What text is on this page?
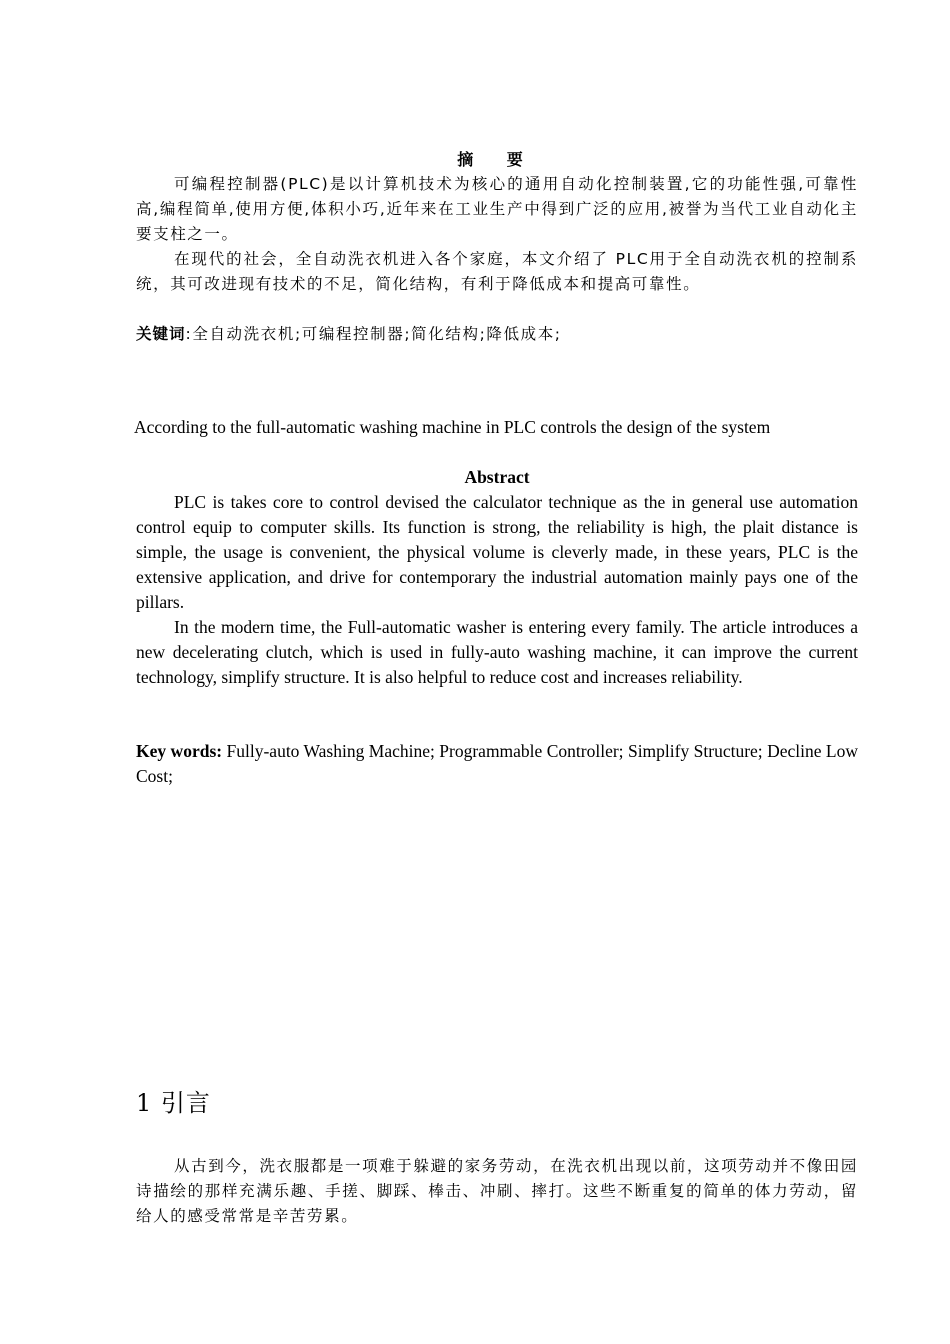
摘 要

可编程控制器(PLC)是以计算机技术为核心的通用自动化控制装置,它的功能性强,可靠性高,编程简单,使用方便,体积小巧,近年来在工业生产中得到广泛的应用,被誉为当代工业自动化主要支柱之一。

在现代的社会，全自动洗衣机进入各个家庭，本文介绍了 PLC用于全自动洗衣机的控制系统，其可改进现有技术的不足，简化结构，有利于降低成本和提高可靠性。

关键词:全自动洗衣机;可编程控制器;简化结构;降低成本;
According to the full-automatic washing machine in PLC controls the design of the system
Abstract

PLC is takes core to control devised the calculator technique as the in general use automation control equip to computer skills. Its function is strong, the reliability is high, the plait distance is simple, the usage is convenient, the physical volume is cleverly made, in these years, PLC is the extensive application, and drive for contemporary the industrial automation mainly pays one of the pillars.

In the modern time, the Full-automatic washer is entering every family. The article introduces a new decelerating clutch, which is used in fully-auto washing machine, it can improve the current technology, simplify structure. It is also helpful to reduce cost and increases reliability.

Key words: Fully-auto Washing Machine; Programmable Controller; Simplify Structure; Decline Low Cost;
1 引言

从古到今，洗衣服都是一项难于躲避的家务劳动，在洗衣机出现以前，这项劳动并不像田园诗描绘的那样充满乐趣、手搓、脚踩、棒击、冲刷、摔打。这些不断重复的简单的体力劳动，留给人的感受常常是辛苦劳累。
